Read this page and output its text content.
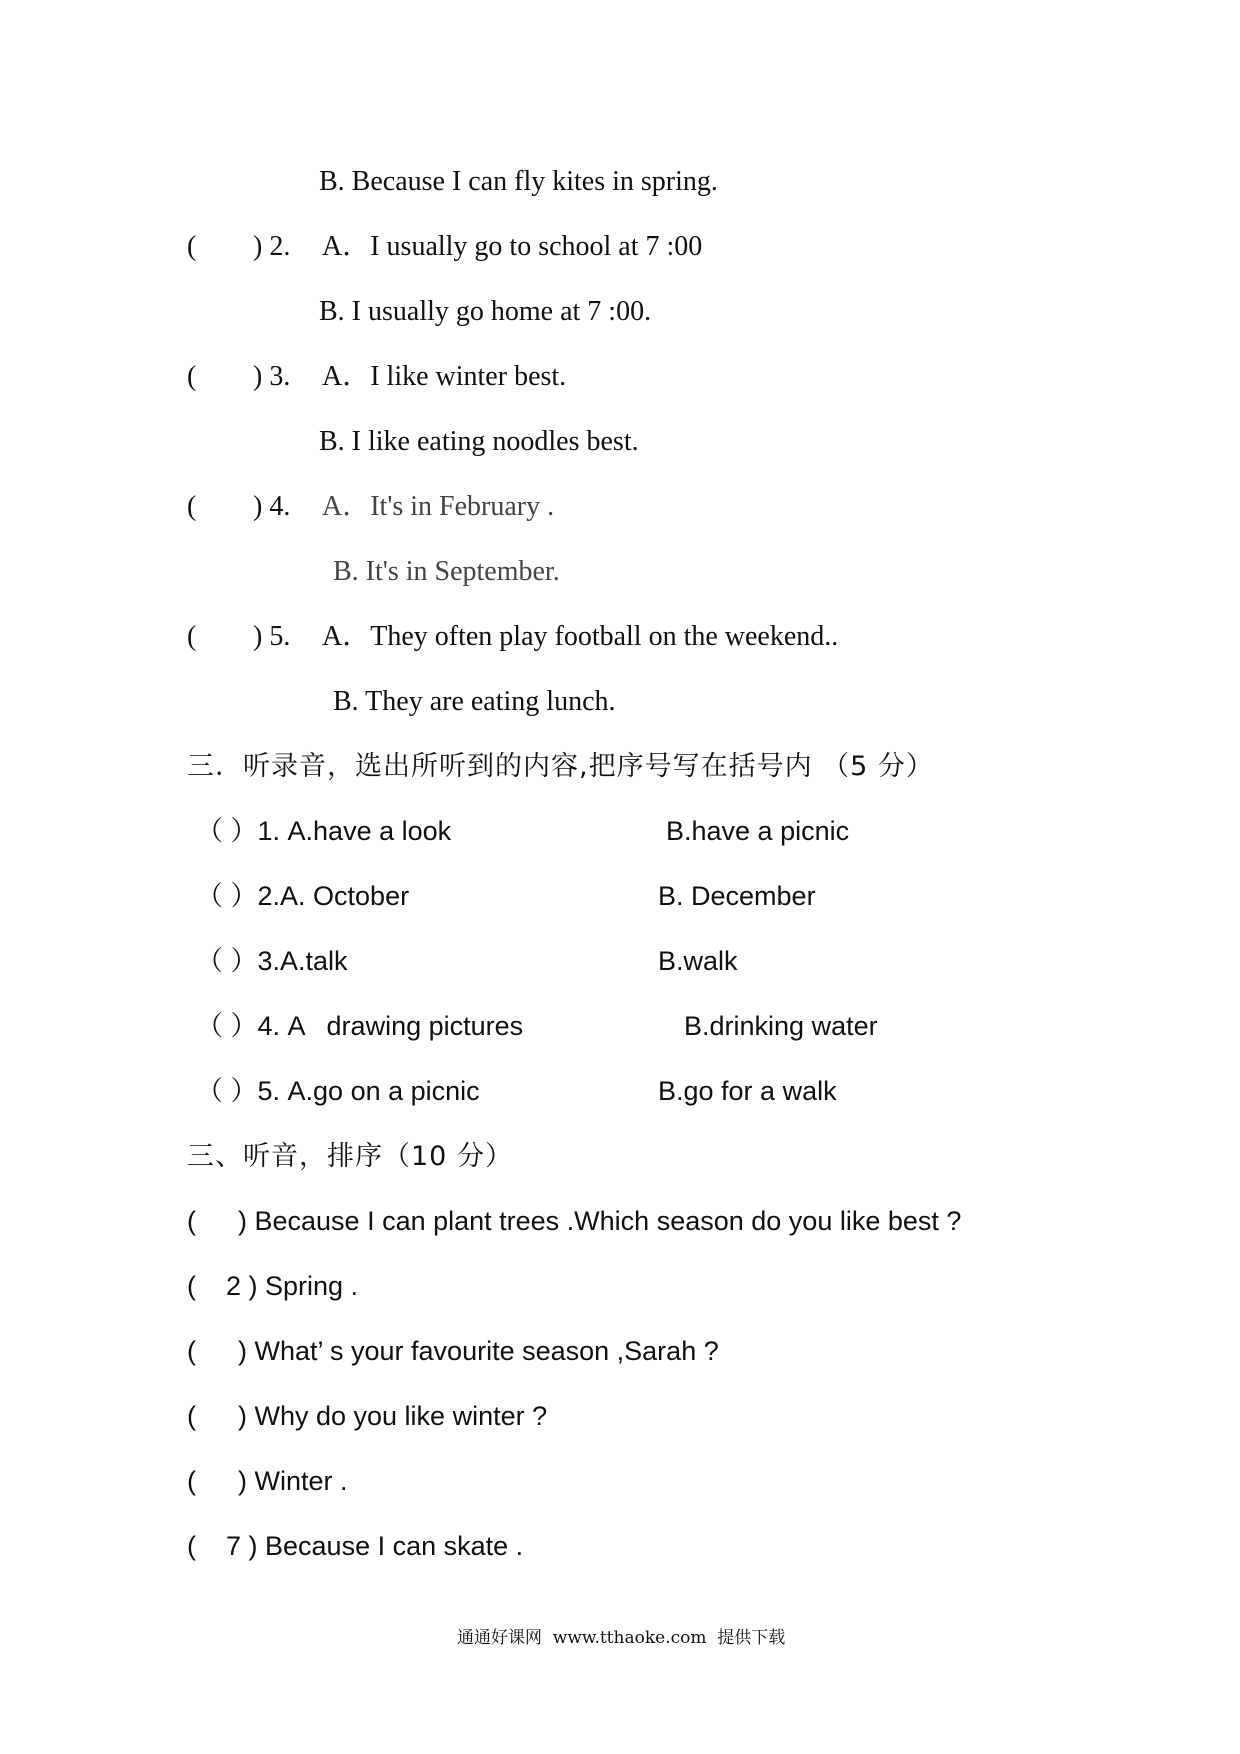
B. Because I can fly kites in spring.
( ) 2. A．I usually go to school at 7 :00
B. I usually go home at 7 :00.
( ) 3. A．I like winter best.
B. I like eating noodles best.
( ) 4. A．It's in February .
B. It's in September.
( ) 5. A．They often play football on the weekend..
B. They are eating lunch.
三．听录音，选出所听到的内容,把序号写在括号内 （5 分）
（ ）1. A.have a look	B.have a picnic
（ ）2.A. October	B. December
（ ）3.A.talk	B.walk
（ ）4. A   drawing pictures	B.drinking water
（ ）5. A.go on a picnic	B.go for a walk
三、听音，排序（10 分）
( ) Because I can plant trees .Which season do you like best ?
( 2 ) Spring .
( ) What’ s your favourite season ,Sarah ?
( ) Why do you like winter ?
( ) Winter .
( 7 ) Because I can skate .
通通好课网  www.tthaoke.com  提供下载
